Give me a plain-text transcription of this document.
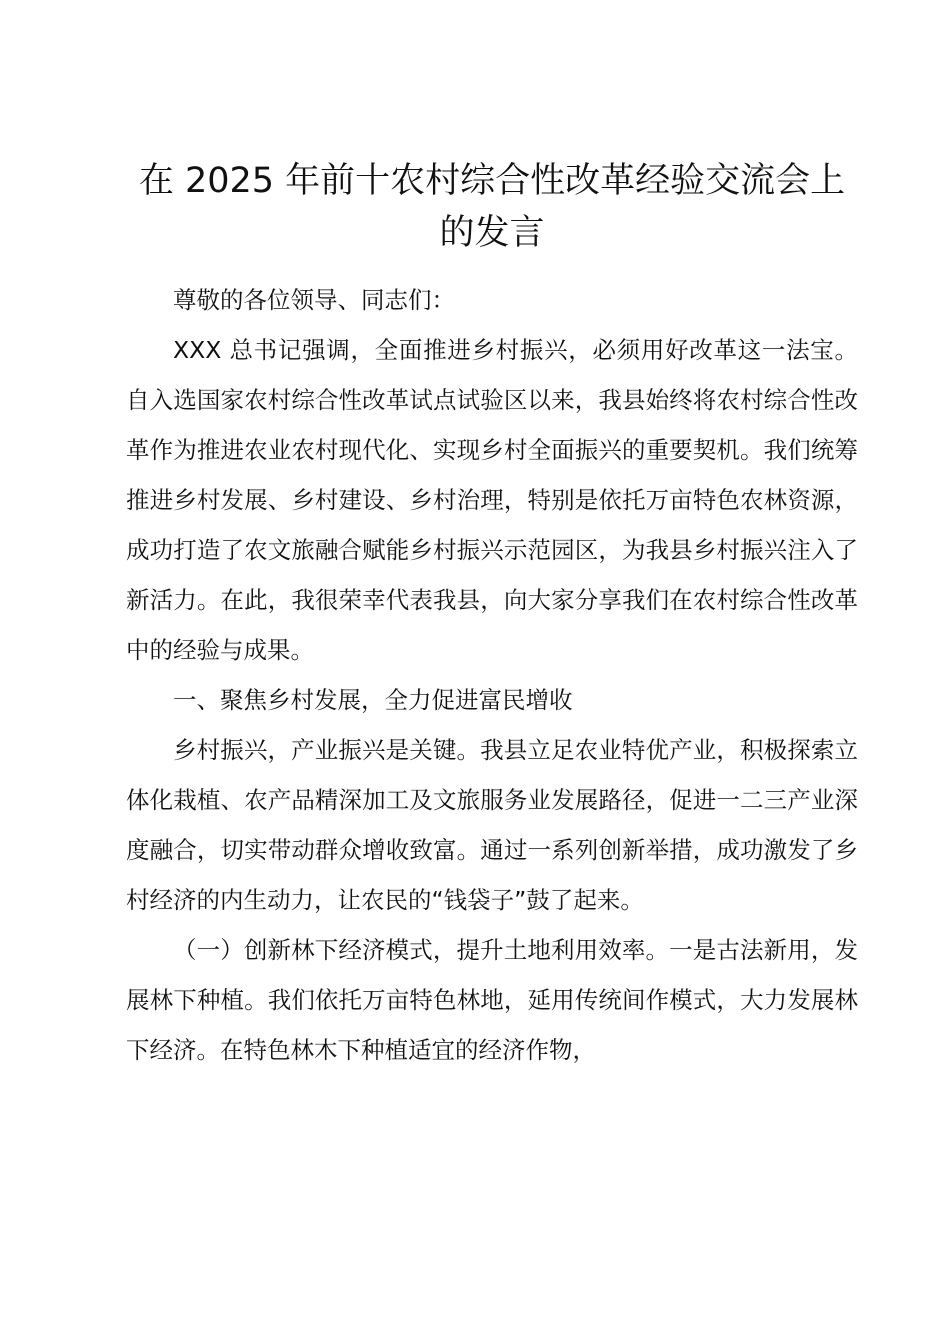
在 2025 年前十农村综合性改革经验交流会上
的发言

尊敬的各位领导、同志们：

XXX 总书记强调，全面推进乡村振兴，必须用好改革这一法宝。自入选国家农村综合性改革试点试验区以来，我县始终将农村综合性改革作为推进农业农村现代化、实现乡村全面振兴的重要契机。我们统筹推进乡村发展、乡村建设、乡村治理，特别是依托万亩特色农林资源，成功打造了农文旅融合赋能乡村振兴示范园区，为我县乡村振兴注入了新活力。在此，我很荣幸代表我县，向大家分享我们在农村综合性改革中的经验与成果。

一、聚焦乡村发展，全力促进富民增收

乡村振兴，产业振兴是关键。我县立足农业特优产业，积极探索立体化栽植、农产品精深加工及文旅服务业发展路径，促进一二三产业深度融合，切实带动群众增收致富。通过一系列创新举措，成功激发了乡村经济的内生动力，让农民的“钱袋子”鼓了起来。

（一）创新林下经济模式，提升土地利用效率。一是古法新用，发展林下种植。我们依托万亩特色林地，延用传统间作模式，大力发展林下经济。在特色林木下种植适宜的经济作物，
